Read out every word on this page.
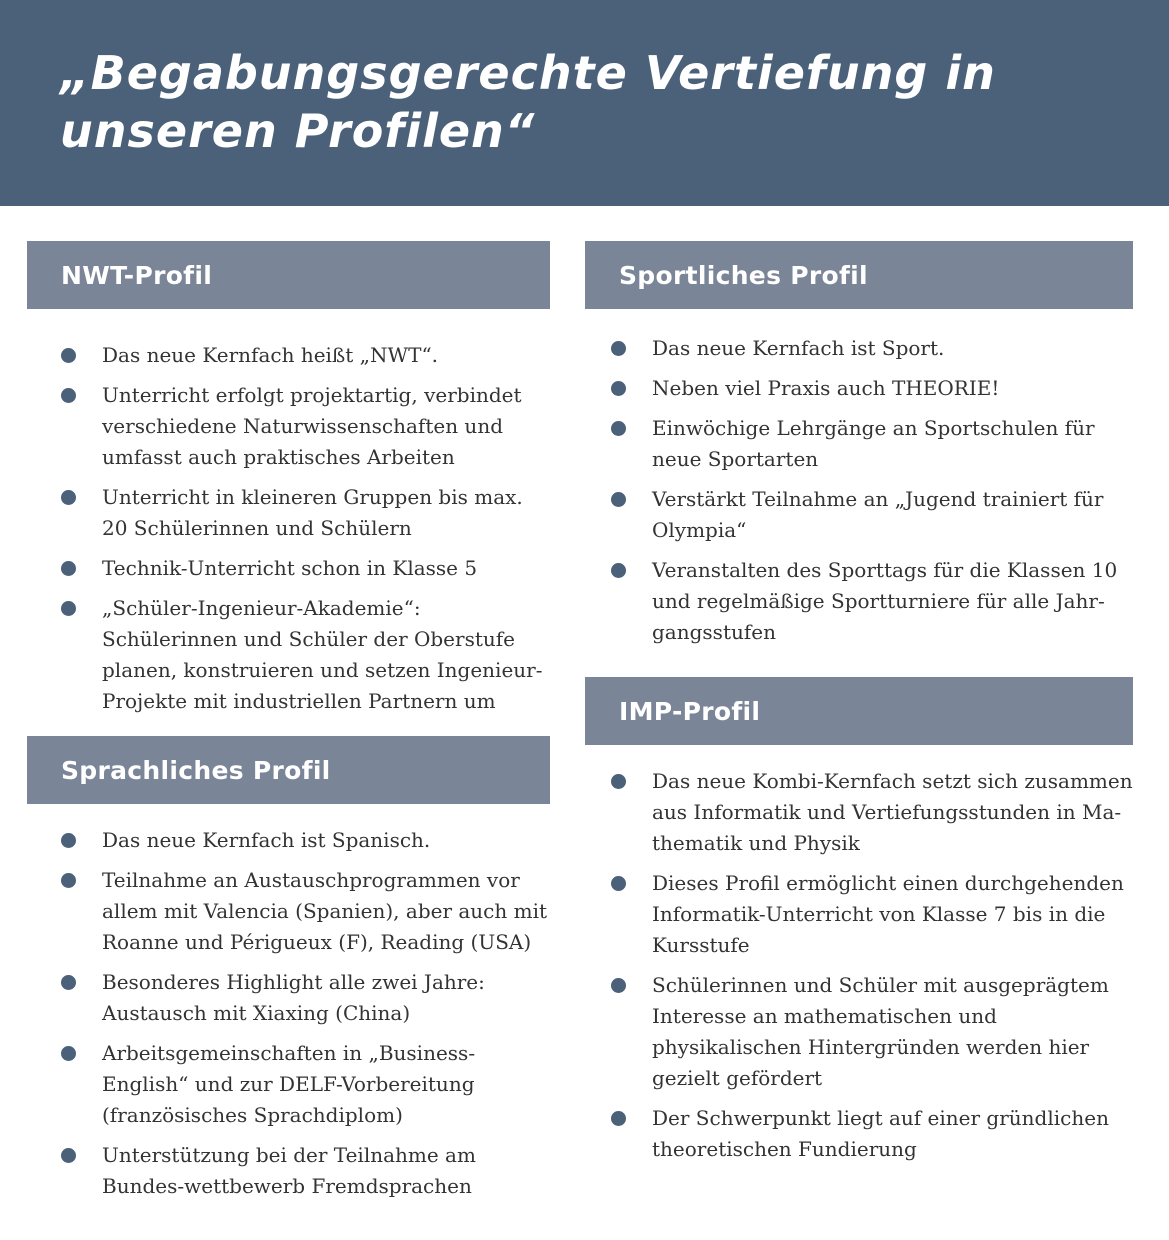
„Begabungsgerechte Vertiefung in unseren Profilen“
NWT-Profil
Das neue Kernfach heißt „NWT“.
Unterricht erfolgt projektartig, verbindet verschiedene Naturwissenschaften und umfasst auch praktisches Arbeiten
Unterricht in kleineren Gruppen bis max. 20 Schülerinnen und Schülern
Technik-Unterricht schon in Klasse 5
„Schüler-Ingenieur-Akademie“: Schülerinnen und Schüler der Oberstufe planen, konstruieren und setzen Ingenieur-Projekte mit industriellen Partnern um
Sprachliches Profil
Das neue Kernfach ist Spanisch.
Teilnahme an Austauschprogrammen vor allem mit Valencia (Spanien), aber auch mit Roanne und Périgueux (F), Reading (USA)
Besonderes Highlight alle zwei Jahre: Austausch mit Xiaxing (China)
Arbeitsgemeinschaften in „Business-English“ und zur DELF-Vorbereitung (französisches Sprachdiplom)
Unterstützung bei der Teilnahme am Bundes-wettbewerb Fremdsprachen
Sportliches Profil
Das neue Kernfach ist Sport.
Neben viel Praxis auch THEORIE!
Einwöchige Lehrgänge an Sportschulen für neue Sportarten
Verstärkt Teilnahme an „Jugend trainiert für Olympia“
Veranstalten des Sporttags für die Klassen 10 und regelmäßige Sportturniere für alle Jahr-gangsstufen
IMP-Profil
Das neue Kombi-Kernfach setzt sich zusammen aus Informatik und Vertiefungsstunden in Ma-thematik und Physik
Dieses Profil ermöglicht einen durchgehenden Informatik-Unterricht von Klasse 7 bis in die Kursstufe
Schülerinnen und Schüler mit ausgeprägtem Interesse an mathematischen und physikalischen Hintergründen werden hier gezielt gefördert
Der Schwerpunkt liegt auf einer gründlichen theoretischen Fundierung
